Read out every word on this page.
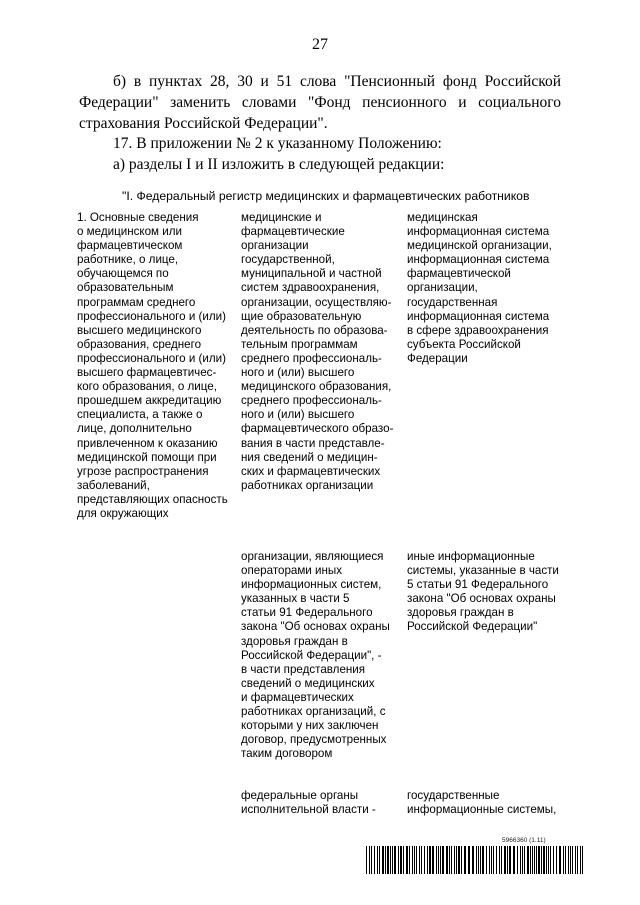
27
б) в пунктах 28, 30 и 51 слова "Пенсионный фонд Российской Федерации" заменить словами "Фонд пенсионного и социального страхования Российской Федерации".
17. В приложении № 2 к указанному Положению:
а) разделы I и II изложить в следующей редакции:
"I. Федеральный регистр медицинских и фармацевтических работников
1. Основные сведения
о медицинском или
фармацевтическом
работнике, о лице,
обучающемся по
образовательным
программам среднего
профессионального и (или)
высшего медицинского
образования, среднего
профессионального и (или)
высшего фармацевтичес-
кого образования, о лице,
прошедшем аккредитацию
специалиста, а также о
лице, дополнительно
привлеченном к оказанию
медицинской помощи при
угрозе распространения
заболеваний,
представляющих опасность
для окружающих
медицинские и
фармацевтические
организации
государственной,
муниципальной и частной
систем здравоохранения,
организации, осуществляю-
щие образовательную
деятельность по образова-
тельным программам
среднего профессиональ-
ного и (или) высшего
медицинского образования,
среднего профессиональ-
ного и (или) высшего
фармацевтического образо-
вания в части представле-
ния сведений о медицин-
ских и фармацевтических
работниках организации
медицинская
информационная система
медицинской организации,
информационная система
фармацевтической
организации,
государственная
информационная система
в сфере здравоохранения
субъекта Российской
Федерации
организации, являющиеся
операторами иных
информационных систем,
указанных в части 5
статьи 91 Федерального
закона "Об основах охраны
здоровья граждан в
Российской Федерации", -
в части представления
сведений о медицинских
и фармацевтических
работниках организаций, с
которыми у них заключен
договор, предусмотренных
таким договором
иные информационные
системы, указанные в части
5 статьи 91 Федерального
закона "Об основах охраны
здоровья граждан в
Российской Федерации"
федеральные органы
исполнительной власти -
государственные
информационные системы,
5966360 (1.11)
